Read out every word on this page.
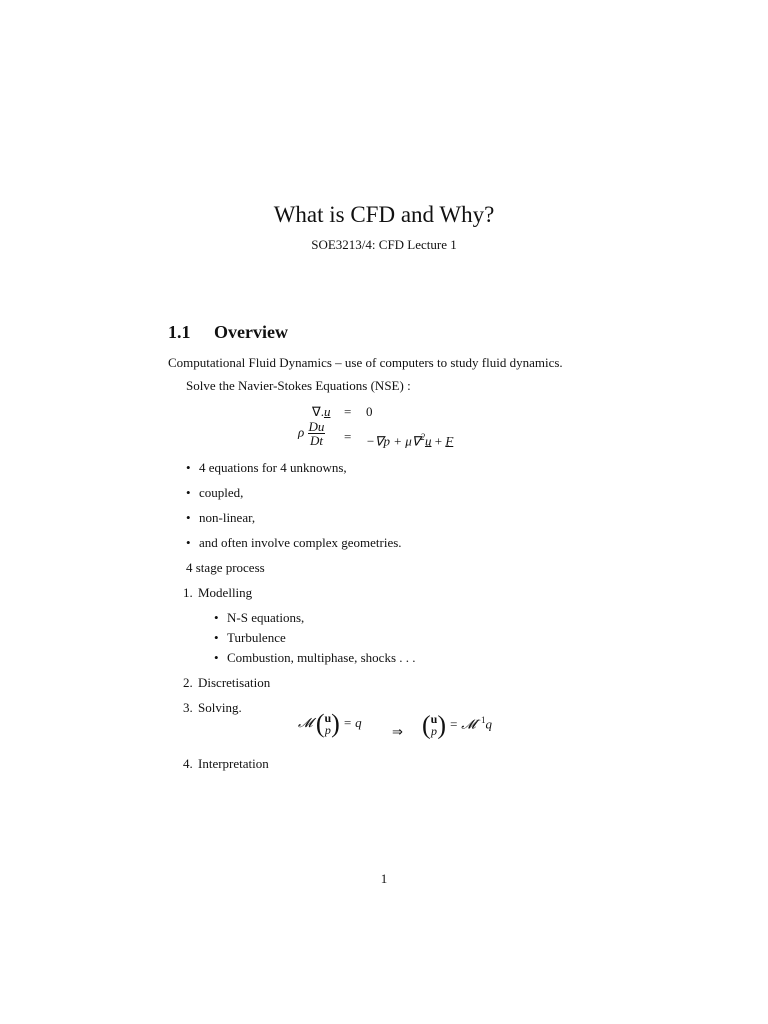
What is CFD and Why?
SOE3213/4: CFD Lecture 1
1.1 Overview
Computational Fluid Dynamics – use of computers to study fluid dynamics.
Solve the Navier-Stokes Equations (NSE) :
∇.u = 0
ρ $\frac{Du}{Dt} = -\nabla p + \mu\nabla^2u + F$
• 4 equations for 4 unknowns,
• coupled,
• non-linear,
• and often involve complex geometries.
4 stage process
1. Modelling
• N-S equations,
• Turbulence
• Combustion, multiphase, shocks . . .
2. Discretisation
3. Solving.
𝓜 ( u
p ) = q
⇒ ( u
p ) = 𝓜$^{-1}$q
4. Interpretation
1
